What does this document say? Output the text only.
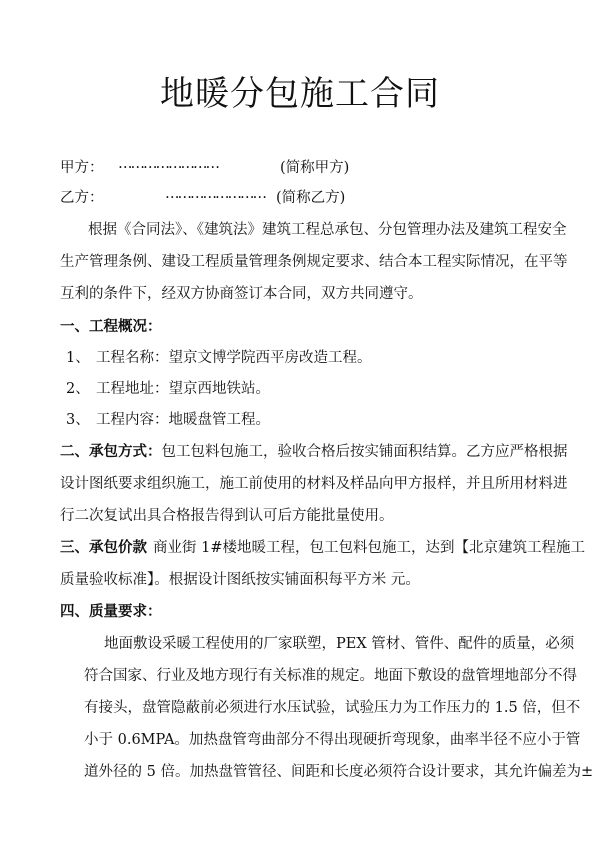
地暖分包施工合同
甲方： ……………………	(简称甲方)
乙方：	…………………… (简称乙方)
根据《合同法》、《建筑法》建筑工程总承包、分包管理办法及建筑工程安全
生产管理条例、建设工程质量管理条例规定要求、结合本工程实际情况，在平等
互利的条件下，经双方协商签订本合同，双方共同遵守。
一、工程概况：
1、 工程名称：望京文博学院西平房改造工程。
2、 工程地址：望京西地铁站。
3、 工程内容：地暖盘管工程。
二、承包方式：包工包料包施工，验收合格后按实铺面积结算。乙方应严格根据
设计图纸要求组织施工，施工前使用的材料及样品向甲方报样，并且所用材料进
行二次复试出具合格报告得到认可后方能批量使用。
三、承包价款 商业街 1#楼地暖工程，包工包料包施工，达到【北京建筑工程施工
质量验收标准】。根据设计图纸按实铺面积每平方米 元。
四、质量要求：
地面敷设采暖工程使用的厂家联塑，PEX 管材、管件、配件的质量，必须
符合国家、行业及地方现行有关标准的规定。地面下敷设的盘管埋地部分不得
有接头，盘管隐蔽前必须进行水压试验，试验压力为工作压力的 1.5 倍，但不
小于 0.6MPA。加热盘管弯曲部分不得出现硬折弯现象，曲率半径不应小于管
道外径的 5 倍。加热盘管管径、间距和长度必须符合设计要求，其允许偏差为±
